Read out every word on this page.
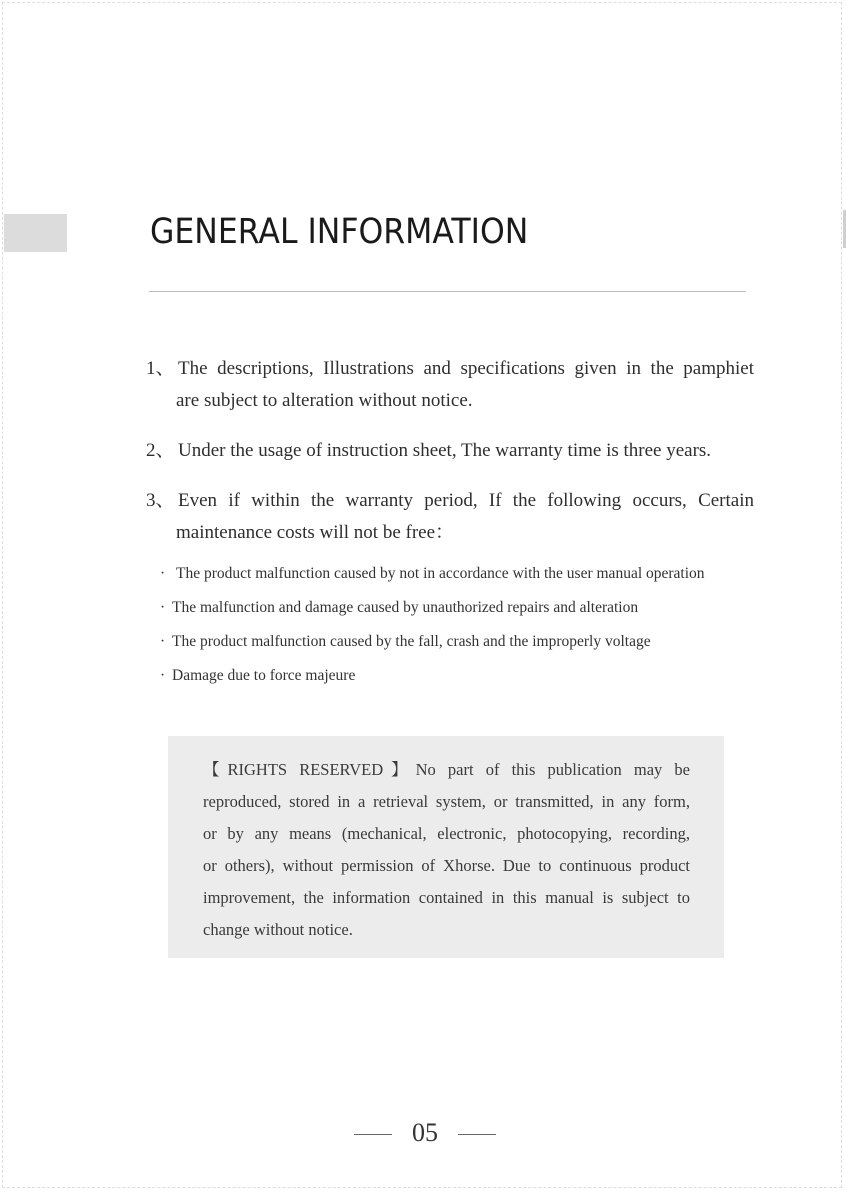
GENERAL INFORMATION
1、 The descriptions, Illustrations and specifications given in the pamphiet
are subject to alteration without notice.
2、 Under the usage of instruction sheet, The warranty time is three years.
3、 Even if within the warranty period, If the following occurs, Certain
maintenance costs will not be free：
· The product malfunction caused by not in accordance with the user manual operation
· The malfunction and damage caused by unauthorized repairs and alteration
· The product malfunction caused by the fall, crash and the improperly voltage
· Damage due to force majeure
【RIGHTS RESERVED】No part of this publication may be
reproduced, stored in a retrieval system, or transmitted, in any form,
or by any means (mechanical, electronic, photocopying, recording,
or others), without permission of Xhorse. Due to continuous product
improvement, the information contained in this manual is subject to
change without notice.
05
